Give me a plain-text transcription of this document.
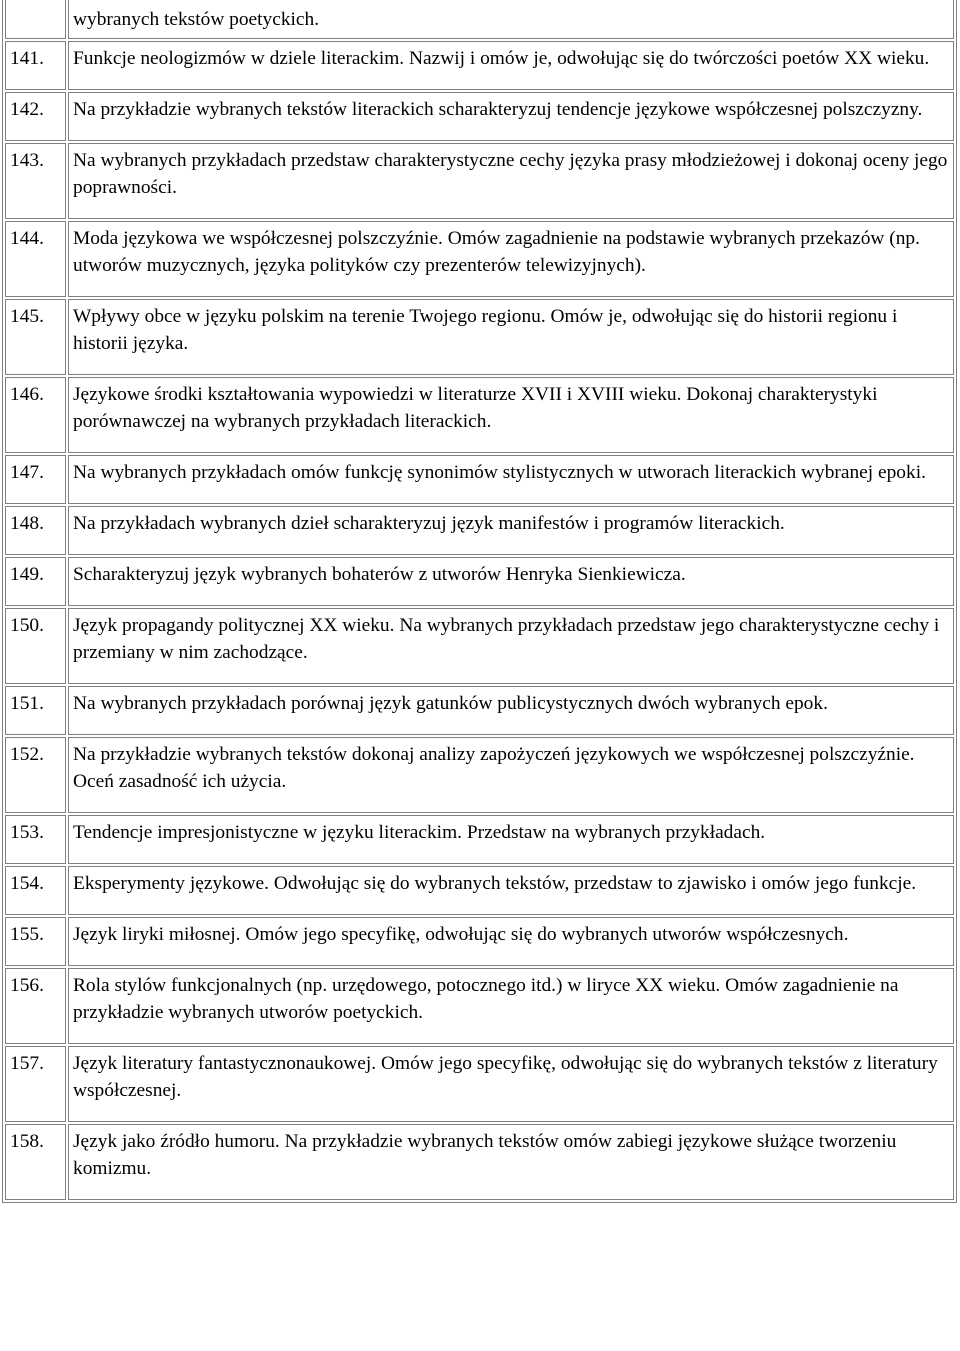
	wybranych tekstów poetyckich.
141.	Funkcje neologizmów w dziele literackim. Nazwij i omów je, odwołując się do twórczości poetów XX wieku.
142.	Na przykładzie wybranych tekstów literackich scharakteryzuj tendencje językowe współczesnej polszczyzny.
143.	Na wybranych przykładach przedstaw charakterystyczne cechy języka prasy młodzieżowej i dokonaj oceny jego poprawności.
144.	Moda językowa we współczesnej polszczyźnie. Omów zagadnienie na podstawie wybranych przekazów (np. utworów muzycznych, języka polityków czy prezenterów telewizyjnych).
145.	Wpływy obce w języku polskim na terenie Twojego regionu. Omów je, odwołując się do historii regionu i historii języka.
146.	Językowe środki kształtowania wypowiedzi w literaturze XVII i XVIII wieku. Dokonaj charakterystyki porównawczej na wybranych przykładach literackich.
147.	Na wybranych przykładach omów funkcję synonimów stylistycznych w utworach literackich wybranej epoki.
148.	Na przykładach wybranych dzieł scharakteryzuj język manifestów i programów literackich.
149.	Scharakteryzuj język wybranych bohaterów z utworów Henryka Sienkiewicza.
150.	Język propagandy politycznej XX wieku. Na wybranych przykładach przedstaw jego charakterystyczne cechy i przemiany w nim zachodzące.
151.	Na wybranych przykładach porównaj język gatunków publicystycznych dwóch wybranych epok.
152.	Na przykładzie wybranych tekstów dokonaj analizy zapożyczeń językowych we współczesnej polszczyźnie. Oceń zasadność ich użycia.
153.	Tendencje impresjonistyczne w języku literackim. Przedstaw na wybranych przykładach.
154.	Eksperymenty językowe. Odwołując się do wybranych tekstów, przedstaw to zjawisko i omów jego funkcje.
155.	Język liryki miłosnej. Omów jego specyfikę, odwołując się do wybranych utworów współczesnych.
156.	Rola stylów funkcjonalnych (np. urzędowego, potocznego itd.) w liryce XX wieku. Omów zagadnienie na przykładzie wybranych utworów poetyckich.
157.	Język literatury fantastycznonaukowej. Omów jego specyfikę, odwołując się do wybranych tekstów z literatury współczesnej.
158.	Język jako źródło humoru. Na przykładzie wybranych tekstów omów zabiegi językowe służące tworzeniu komizmu.
